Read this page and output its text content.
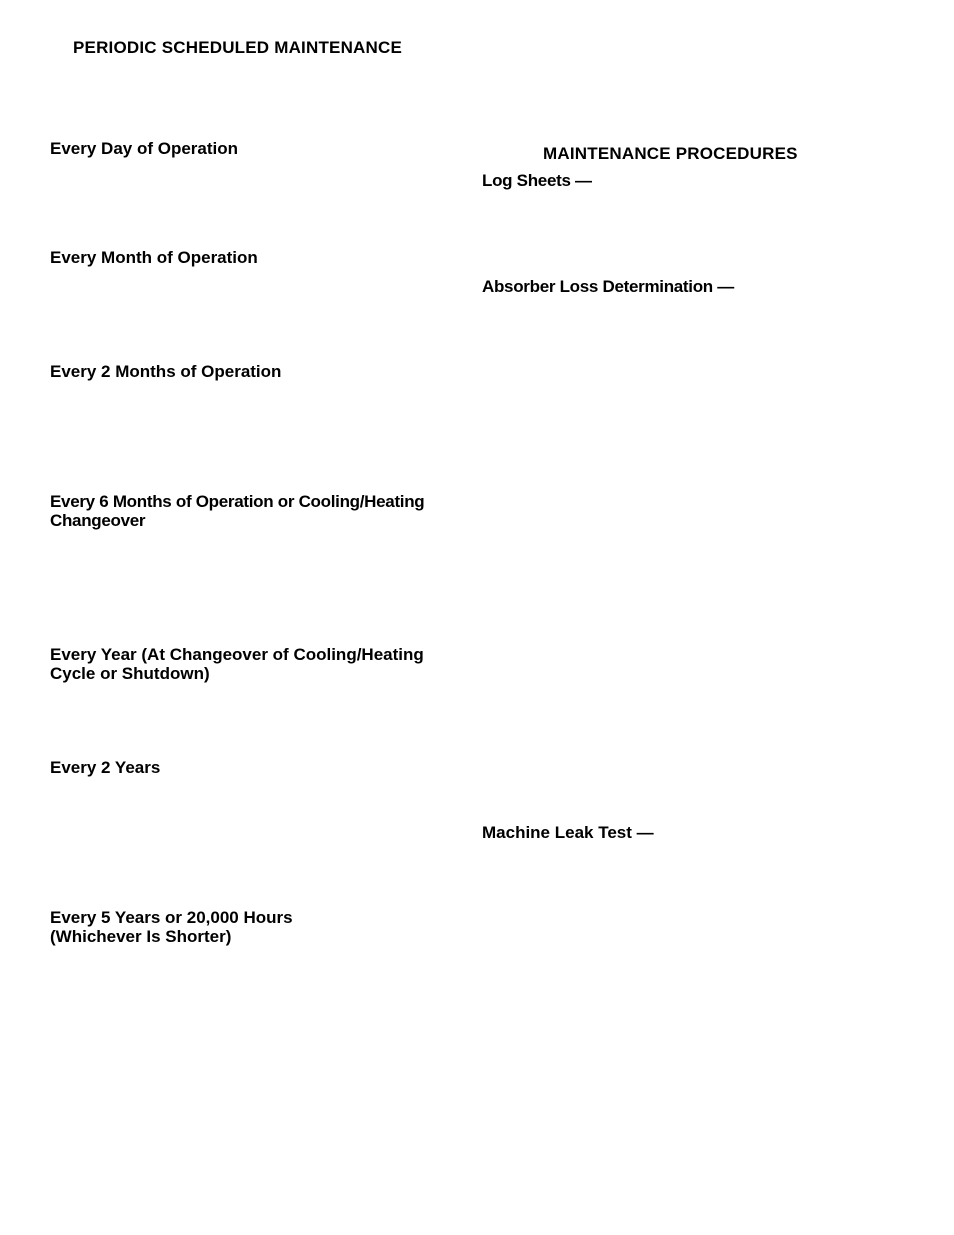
PERIODIC SCHEDULED MAINTENANCE
Every Day of Operation
Every Month of Operation
Every 2 Months of Operation
Every 6 Months of Operation or Cooling/Heating
Changeover
Every Year (At Changeover of Cooling/Heating
Cycle or Shutdown)
Every 2 Years
Every 5 Years or 20,000 Hours
(Whichever Is Shorter)
MAINTENANCE PROCEDURES
Log Sheets —
Absorber Loss Determination —
Machine Leak Test —
